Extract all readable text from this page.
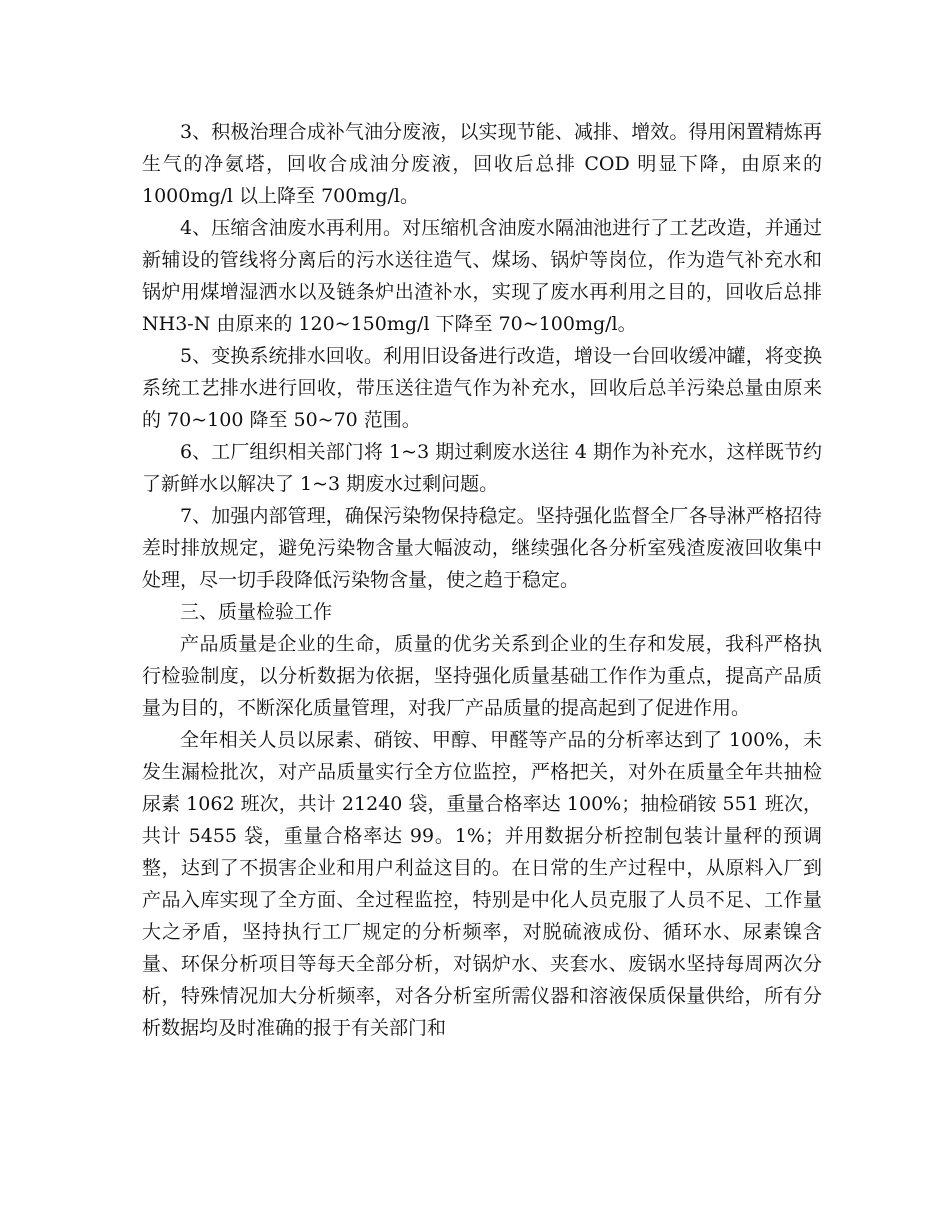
3、积极治理合成补气油分废液，以实现节能、减排、增效。得用闲置精炼再生气的净氨塔，回收合成油分废液，回收后总排 COD 明显下降，由原来的 1000mg/l 以上降至 700mg/l。

4、压缩含油废水再利用。对压缩机含油废水隔油池进行了工艺改造，并通过新辅设的管线将分离后的污水送往造气、煤场、锅炉等岗位，作为造气补充水和锅炉用煤增湿洒水以及链条炉出渣补水，实现了废水再利用之目的，回收后总排 NH3-N 由原来的 120~150mg/l 下降至 70~100mg/l。

5、变换系统排水回收。利用旧设备进行改造，增设一台回收缓冲罐，将变换系统工艺排水进行回收，带压送往造气作为补充水，回收后总羊污染总量由原来的 70~100 降至 50~70 范围。

6、工厂组织相关部门将 1~3 期过剩废水送往 4 期作为补充水，这样既节约了新鲜水以解决了 1~3 期废水过剩问题。

7、加强内部管理，确保污染物保持稳定。坚持强化监督全厂各导淋严格招待差时排放规定，避免污染物含量大幅波动，继续强化各分析室残渣废液回收集中处理，尽一切手段降低污染物含量，使之趋于稳定。

三、质量检验工作

产品质量是企业的生命，质量的优劣关系到企业的生存和发展，我科严格执行检验制度，以分析数据为依据，坚持强化质量基础工作作为重点，提高产品质量为目的，不断深化质量管理，对我厂产品质量的提高起到了促进作用。

全年相关人员以尿素、硝铵、甲醇、甲醛等产品的分析率达到了 100%，未发生漏检批次，对产品质量实行全方位监控，严格把关，对外在质量全年共抽检尿素 1062 班次，共计 21240 袋，重量合格率达 100%；抽检硝铵 551 班次，共计 5455 袋，重量合格率达 99。1%；并用数据分析控制包装计量秤的预调整，达到了不损害企业和用户利益这目的。在日常的生产过程中，从原料入厂到产品入库实现了全方面、全过程监控，特别是中化人员克服了人员不足、工作量大之矛盾，坚持执行工厂规定的分析频率，对脱硫液成份、循环水、尿素镍含量、环保分析项目等每天全部分析，对锅炉水、夹套水、废锅水坚持每周两次分析，特殊情况加大分析频率，对各分析室所需仪器和溶液保质保量供给，所有分析数据均及时准确的报于有关部门和
